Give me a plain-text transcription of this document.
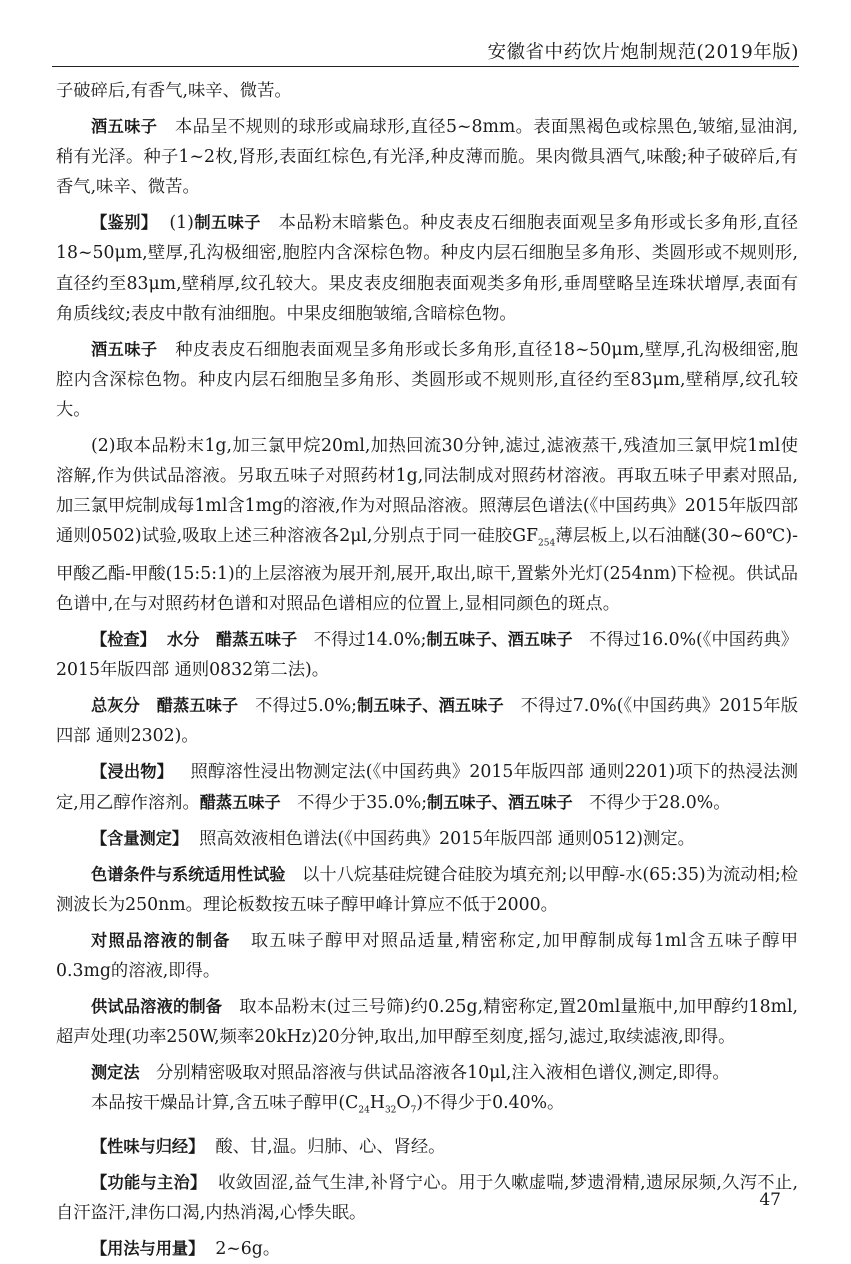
安徽省中药饮片炮制规范(2019年版)

子破碎后,有香气,味辛、微苦。

酒五味子 本品呈不规则的球形或扁球形,直径5~8mm。表面黑褐色或棕黑色,皱缩,显油润,稍有光泽。种子1~2枚,肾形,表面红棕色,有光泽,种皮薄而脆。果肉微具酒气,味酸;种子破碎后,有香气,味辛、微苦。

【鉴别】 (1)制五味子 本品粉末暗紫色。种皮表皮石细胞表面观呈多角形或长多角形,直径18~50μm,壁厚,孔沟极细密,胞腔内含深棕色物。种皮内层石细胞呈多角形、类圆形或不规则形,直径约至83μm,壁稍厚,纹孔较大。果皮表皮细胞表面观类多角形,垂周壁略呈连珠状增厚,表面有角质线纹;表皮中散有油细胞。中果皮细胞皱缩,含暗棕色物。

酒五味子 种皮表皮石细胞表面观呈多角形或长多角形,直径18~50μm,壁厚,孔沟极细密,胞腔内含深棕色物。种皮内层石细胞呈多角形、类圆形或不规则形,直径约至83μm,壁稍厚,纹孔较大。

(2)取本品粉末1g,加三氯甲烷20ml,加热回流30分钟,滤过,滤液蒸干,残渣加三氯甲烷1ml使溶解,作为供试品溶液。另取五味子对照药材1g,同法制成对照药材溶液。再取五味子甲素对照品,加三氯甲烷制成每1ml含1mg的溶液,作为对照品溶液。照薄层色谱法(《中国药典》2015年版四部 通则0502)试验,吸取上述三种溶液各2μl,分别点于同一硅胶$GF_{254}$薄层板上,以石油醚(30~60℃)-甲酸乙酯-甲酸(15:5:1)的上层溶液为展开剂,展开,取出,晾干,置紫外光灯(254nm)下检视。供试品色谱中,在与对照药材色谱和对照品色谱相应的位置上,显相同颜色的斑点。

【检查】 水分 醋蒸五味子 不得过14.0%;制五味子、酒五味子 不得过16.0%(《中国药典》2015年版四部 通则0832第二法)。

总灰分 醋蒸五味子 不得过5.0%;制五味子、酒五味子 不得过7.0%(《中国药典》2015年版四部 通则2302)。

【浸出物】 照醇溶性浸出物测定法(《中国药典》2015年版四部 通则2201)项下的热浸法测定,用乙醇作溶剂。醋蒸五味子 不得少于35.0%;制五味子、酒五味子 不得少于28.0%。

【含量测定】 照高效液相色谱法(《中国药典》2015年版四部 通则0512)测定。

色谱条件与系统适用性试验 以十八烷基硅烷键合硅胶为填充剂;以甲醇-水(65:35)为流动相;检测波长为250nm。理论板数按五味子醇甲峰计算应不低于2000。

对照品溶液的制备 取五味子醇甲对照品适量,精密称定,加甲醇制成每1ml含五味子醇甲0.3mg的溶液,即得。

供试品溶液的制备 取本品粉末(过三号筛)约0.25g,精密称定,置20ml量瓶中,加甲醇约18ml,超声处理(功率250W,频率20kHz)20分钟,取出,加甲醇至刻度,摇匀,滤过,取续滤液,即得。

测定法 分别精密吸取对照品溶液与供试品溶液各10μl,注入液相色谱仪,测定,即得。

本品按干燥品计算,含五味子醇甲$(C_{24}H_{32}O_7)$不得少于0.40%。

【性味与归经】 酸、甘,温。归肺、心、肾经。

【功能与主治】 收敛固涩,益气生津,补肾宁心。用于久嗽虚喘,梦遗滑精,遗尿尿频,久泻不止,自汗盗汗,津伤口渴,内热消渴,心悸失眠。

【用法与用量】 2~6g。

47
